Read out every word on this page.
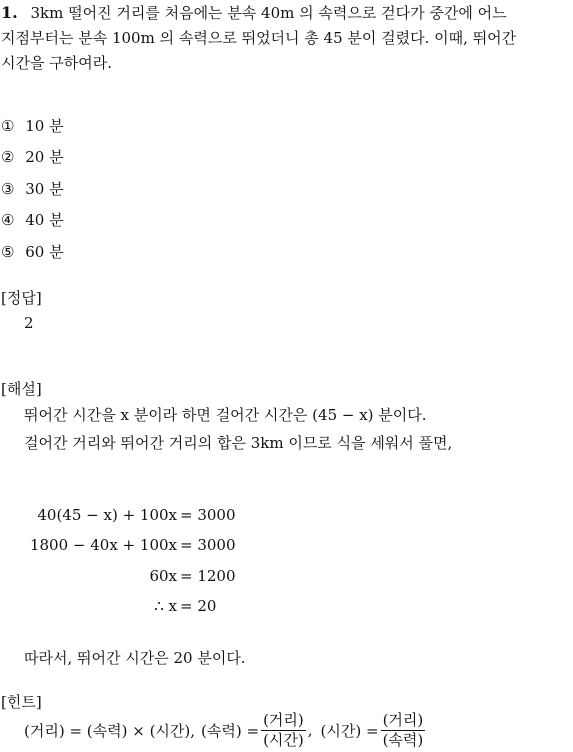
1. 3km 떨어진 거리를 처음에는 분속 40m 의 속력으로 걷다가 중간에 어느
지점부터는 분속 100m 의 속력으로 뛰었더니 총 45 분이 걸렸다. 이때, 뛰어간
시간을 구하여라.
① 10 분
② 20 분
③ 30 분
④ 40 분
⑤ 60 분
[정답]
2
[해설]
뛰어간 시간을 x 분이라 하면 걸어간 시간은 (45 − x) 분이다.
걸어간 거리와 뛰어간 거리의 합은 3km 이므로 식을 세워서 풀면,
40(45 − x) + 100x = 3000
1800 − 40x + 100x = 3000
60x = 1200
∴ x = 20
따라서, 뛰어간 시간은 20 분이다.
[힌트]
(거리) = (속력) × (시간), (속력) = $\frac{\text{(거리)}}{\text{(시간)}}$ , (시간) = $\frac{\text{(거리)}}{\text{(속력)}}$
